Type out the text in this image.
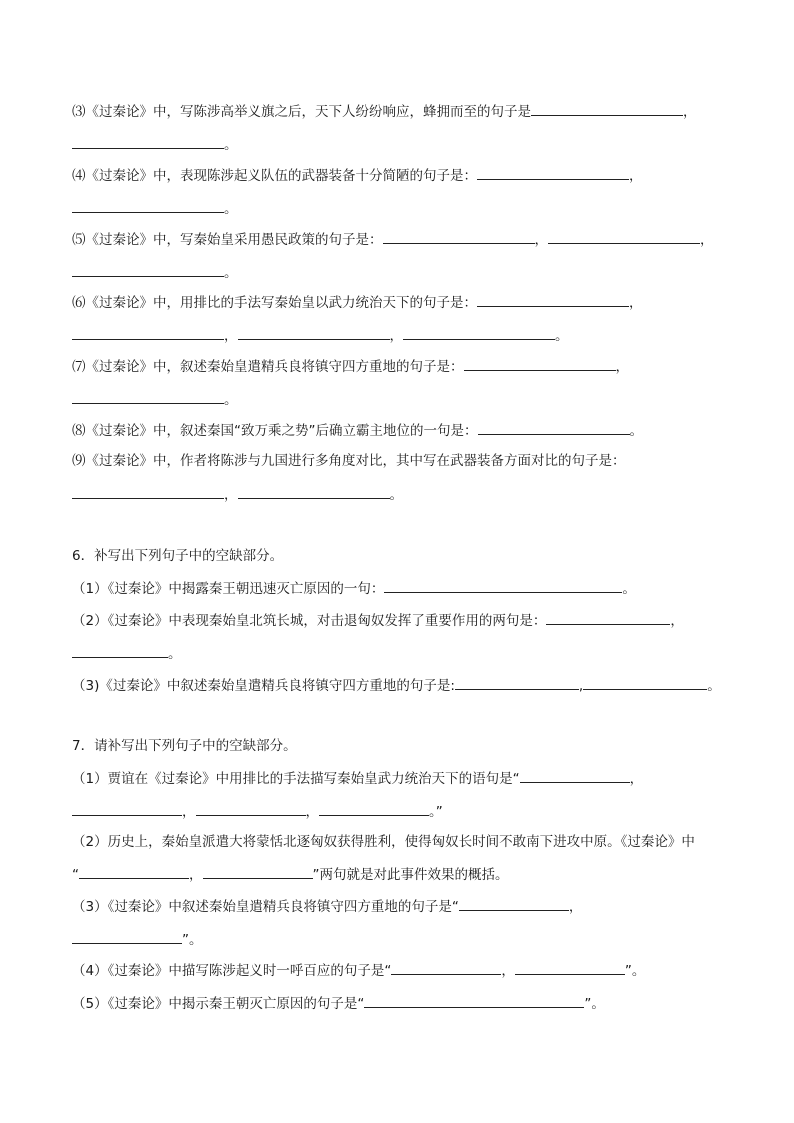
⑶《过秦论》中，写陈涉高举义旗之后，天下人纷纷响应，蜂拥而至的句子是	，
。
⑷《过秦论》中，表现陈涉起义队伍的武器装备十分简陋的句子是：	，
。
⑸《过秦论》中，写秦始皇采用愚民政策的句子是：	，	，
。
⑹《过秦论》中，用排比的手法写秦始皇以武力统治天下的句子是：	，
，	，	。
⑺《过秦论》中，叙述秦始皇遣精兵良将镇守四方重地的句子是：	，
。
⑻《过秦论》中，叙述秦国“致万乘之势”后确立霸主地位的一句是：	。
⑼《过秦论》中，作者将陈涉与九国进行多角度对比，其中写在武器装备方面对比的句子是：
，	。
6．补写出下列句子中的空缺部分。
（1）《过秦论》中揭露秦王朝迅速灭亡原因的一句：	。
（2）《过秦论》中表现秦始皇北筑长城，对击退匈奴发挥了重要作用的两句是：	，
。
（3)《过秦论》中叙述秦始皇遣精兵良将镇守四方重地的句子是:	,	。
7．请补写出下列句子中的空缺部分。
（1）贾谊在《过秦论》中用排比的手法描写秦始皇武力统治天下的语句是“	，
，	，	。”
（2）历史上，秦始皇派遣大将蒙恬北逐匈奴获得胜利，使得匈奴长时间不敢南下进攻中原。《过秦论》中
“	，	”两句就是对此事件效果的概括。
（3）《过秦论》中叙述秦始皇遣精兵良将镇守四方重地的句子是“	，
”。
（4）《过秦论》中描写陈涉起义时一呼百应的句子是“	，	”。
（5）《过秦论》中揭示秦王朝灭亡原因的句子是“	”。
